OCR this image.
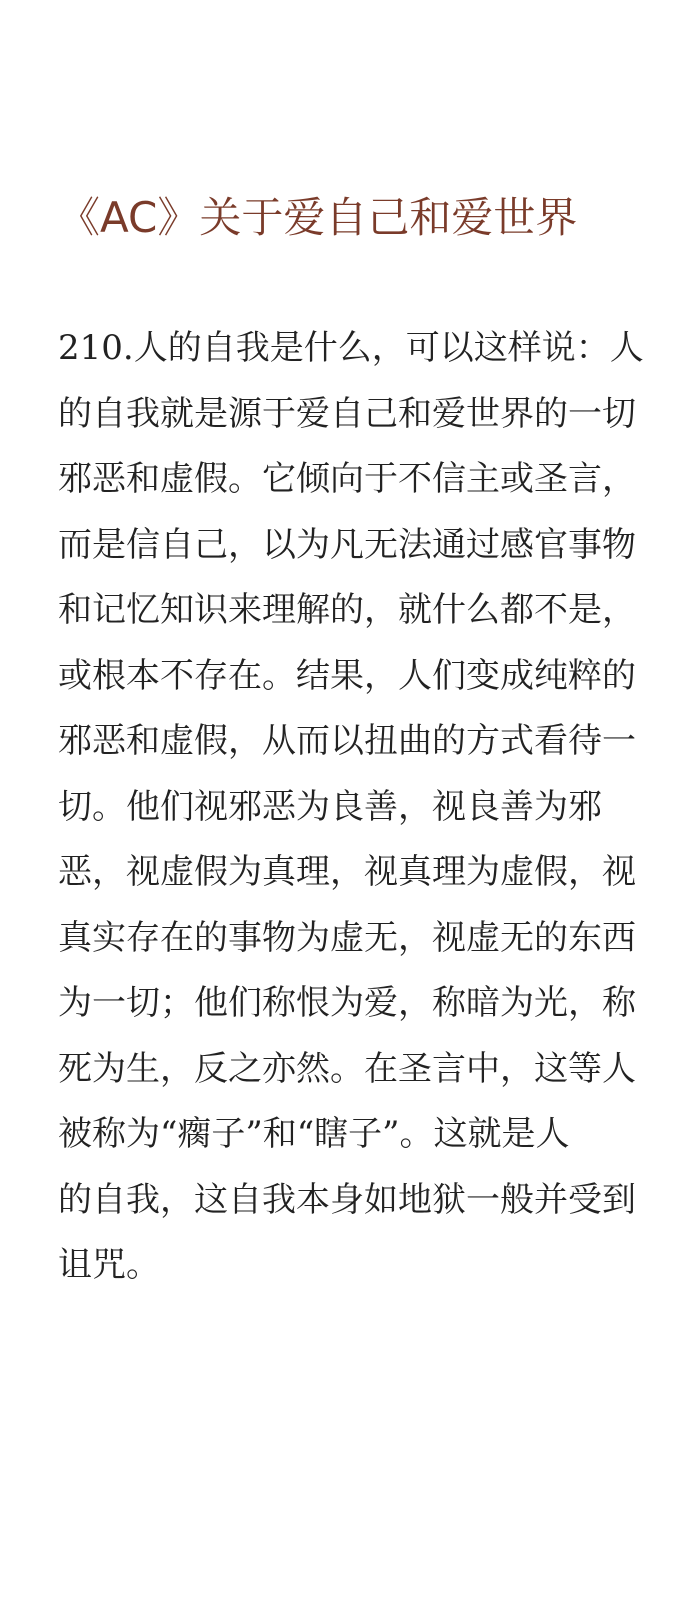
《AC》关于爱自己和爱世界
210.人的自我是什么，可以这样说：人
的自我就是源于爱自己和爱世界的一切
邪恶和虚假。它倾向于不信主或圣言，
而是信自己，以为凡无法通过感官事物
和记忆知识来理解的，就什么都不是，
或根本不存在。结果，人们变成纯粹的
邪恶和虚假，从而以扭曲的方式看待一
切。他们视邪恶为良善，视良善为邪
恶，视虚假为真理，视真理为虚假，视
真实存在的事物为虚无，视虚无的东西
为一切；他们称恨为爱，称暗为光，称
死为生，反之亦然。在圣言中，这等人
被称为“瘸子”和“瞎子”。这就是人
的自我，这自我本身如地狱一般并受到
诅咒。
